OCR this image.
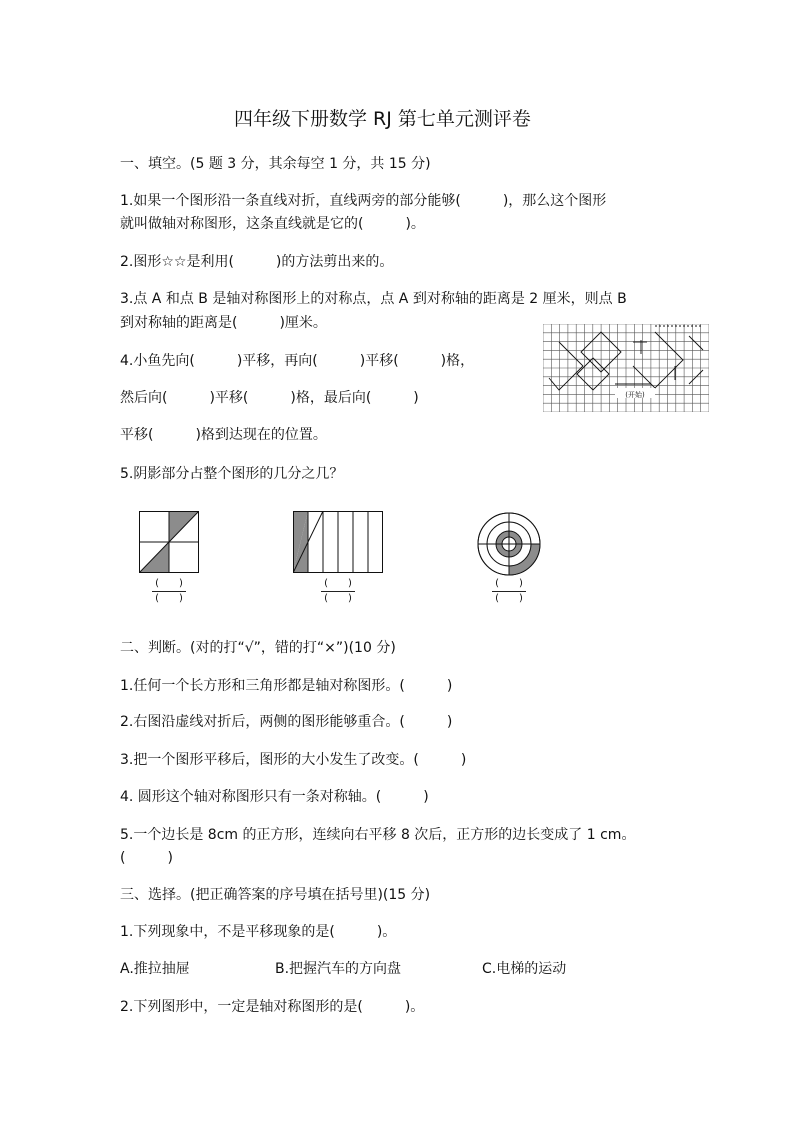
四年级下册数学 RJ 第七单元测评卷
一、填空。(5 题 3 分，其余每空 1 分，共 15 分)
1.如果一个图形沿一条直线对折，直线两旁的部分能够(　　　)，那么这个图形
就叫做轴对称图形，这条直线就是它的(　　　)。
2.图形☆☆是利用(　　　)的方法剪出来的。
3.点 A 和点 B 是轴对称图形上的对称点，点 A 到对称轴的距离是 2 厘米，则点 B
到对称轴的距离是(　　　)厘米。
4.小鱼先向(　　　)平移，再向(　　　)平移(　　　)格，
然后向(　　　)平移(　　　)格，最后向(　　　)
平移(　　　)格到达现在的位置。
(开始)
5.阴影部分占整个图形的几分之几？
(　　)
(　　)
(　　)
(　　)
(　　)
(　　)
二、判断。(对的打“√”，错的打“×”)(10 分)
1.任何一个长方形和三角形都是轴对称图形。(　　　)
2.右图沿虚线对折后，两侧的图形能够重合。(　　　)
3.把一个图形平移后，图形的大小发生了改变。(　　　)
4. 圆形这个轴对称图形只有一条对称轴。(　　　)
5.一个边长是 8cm 的正方形，连续向右平移 8 次后，正方形的边长变成了 1 cm。
(　　　)
三、选择。(把正确答案的序号填在括号里)(15 分)
1.下列现象中，不是平移现象的是(　　　)。
A.推拉抽屉	B.把握汽车的方向盘	C.电梯的运动
2.下列图形中，一定是轴对称图形的是(　　　)。
